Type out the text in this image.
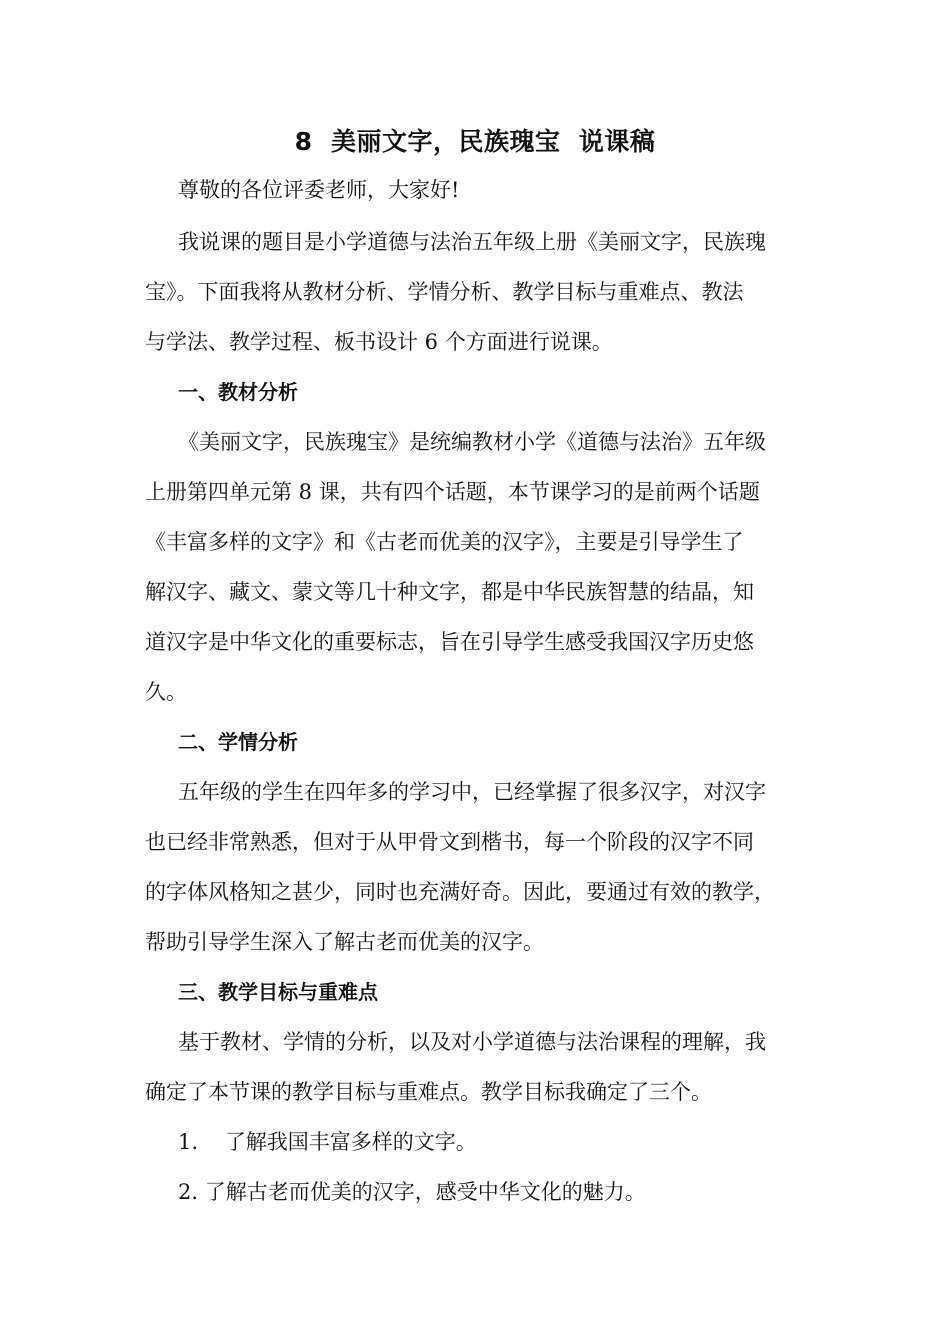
8  美丽文字，民族瑰宝  说课稿
尊敬的各位评委老师，大家好!
我说课的题目是小学道德与法治五年级上册《美丽文字，民族瑰
宝》。下面我将从教材分析、学情分析、教学目标与重难点、教法
与学法、教学过程、板书设计 6 个方面进行说课。
一、教材分析
《美丽文字，民族瑰宝》是统编教材小学《道德与法治》五年级
上册第四单元第 8 课，共有四个话题，本节课学习的是前两个话题
《丰富多样的文字》和《古老而优美的汉字》，主要是引导学生了
解汉字、藏文、蒙文等几十种文字，都是中华民族智慧的结晶，知
道汉字是中华文化的重要标志，旨在引导学生感受我国汉字历史悠
久。
二、学情分析
五年级的学生在四年多的学习中，已经掌握了很多汉字，对汉字
也已经非常熟悉，但对于从甲骨文到楷书，每一个阶段的汉字不同
的字体风格知之甚少，同时也充满好奇。因此，要通过有效的教学，
帮助引导学生深入了解古老而优美的汉字。
三、教学目标与重难点
基于教材、学情的分析，以及对小学道德与法治课程的理解，我
确定了本节课的教学目标与重难点。教学目标我确定了三个。
1.    了解我国丰富多样的文字。
2. 了解古老而优美的汉字，感受中华文化的魅力。
